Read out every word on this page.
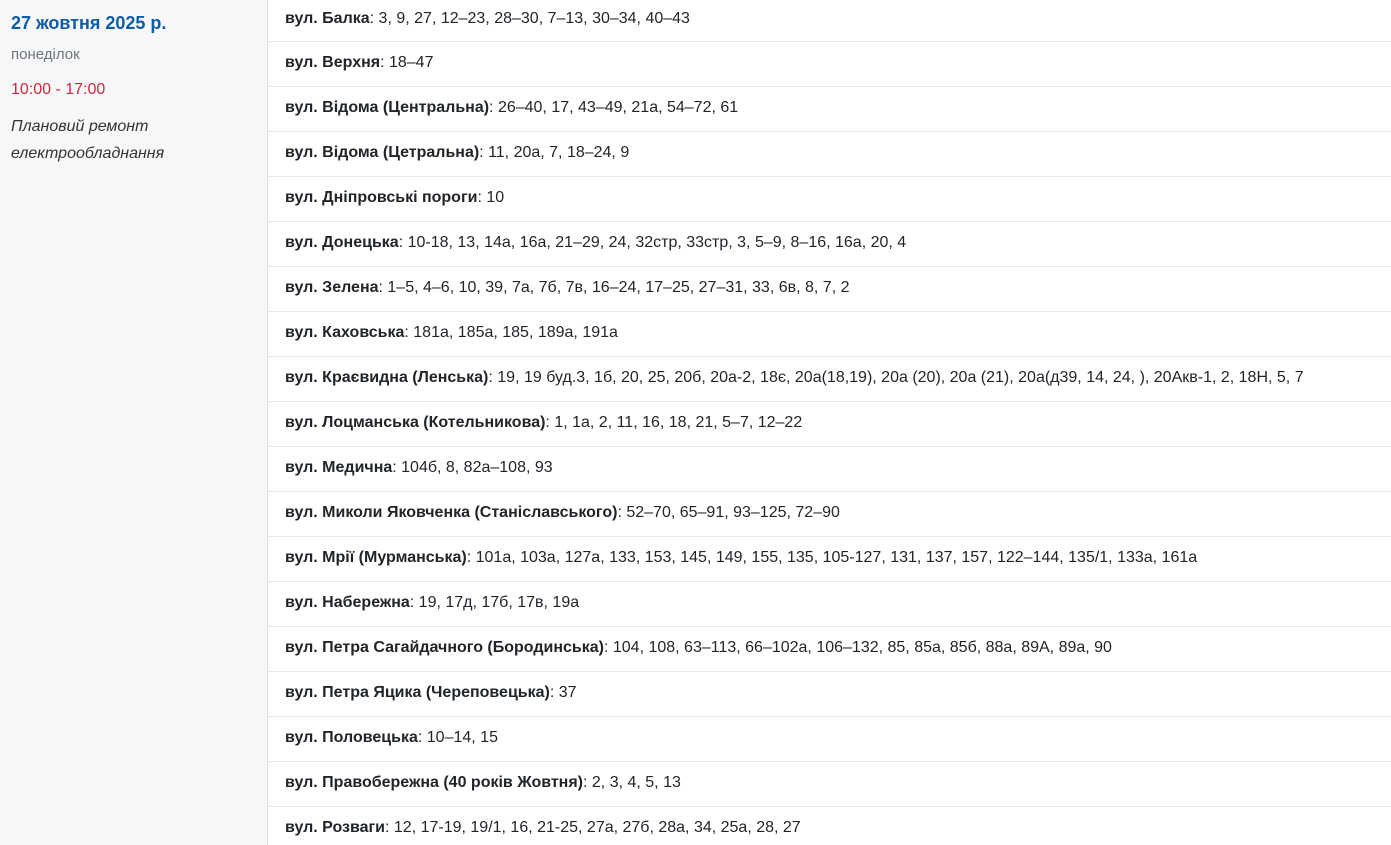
27 жовтня 2025 р.
понеділок
10:00 - 17:00
Плановий ремонт електрообладнання
вул. Балка: 3, 9, 27, 12–23, 28–30, 7–13, 30–34, 40–43
вул. Верхня: 18–47
вул. Відома (Центральна): 26–40, 17, 43–49, 21а, 54–72, 61
вул. Відома (Цетральна): 11, 20а, 7, 18–24, 9
вул. Дніпровські пороги: 10
вул. Донецька: 10-18, 13, 14а, 16а, 21–29, 24, 32стр, 33стр, 3, 5–9, 8–16, 16а, 20, 4
вул. Зелена: 1–5, 4–6, 10, 39, 7а, 7б, 7в, 16–24, 17–25, 27–31, 33, 6в, 8, 7, 2
вул. Каховська: 181а, 185а, 185, 189а, 191а
вул. Краєвидна (Ленська): 19, 19 буд.3, 1б, 20, 25, 20б, 20а-2, 18є, 20а(18,19), 20а (20), 20а (21), 20а(д39, 14, 24, ), 20Акв-1, 2, 18Н, 5, 7
вул. Лоцманська (Котельникова): 1, 1а, 2, 11, 16, 18, 21, 5–7, 12–22
вул. Медична: 104б, 8, 82а–108, 93
вул. Миколи Яковченка (Станіславського): 52–70, 65–91, 93–125, 72–90
вул. Мрії (Мурманська): 101а, 103а, 127а, 133, 153, 145, 149, 155, 135, 105-127, 131, 137, 157, 122–144, 135/1, 133а, 161а
вул. Набережна: 19, 17д, 17б, 17в, 19а
вул. Петра Сагайдачного (Бородинська): 104, 108, 63–113, 66–102а, 106–132, 85, 85а, 85б, 88а, 89А, 89а, 90
вул. Петра Яцика (Череповецька): 37
вул. Половецька: 10–14, 15
вул. Правобережна (40 років Жовтня): 2, 3, 4, 5, 13
вул. Розваги: 12, 17-19, 19/1, 16, 21-25, 27а, 27б, 28а, 34, 25а, 28, 27
